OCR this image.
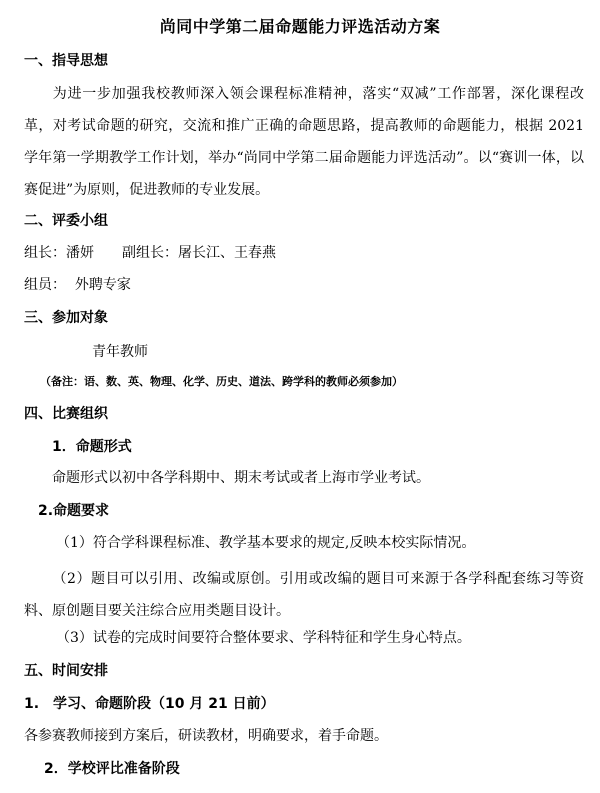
尚同中学第二届命题能力评选活动方案
一、指导思想
为进一步加强我校教师深入领会课程标准精神，落实“双减”工作部署，深化课程改革，对考试命题的研究，交流和推广正确的命题思路，提高教师的命题能力，根据 2021 学年第一学期教学工作计划，举办“尚同中学第二届命题能力评选活动”。以“赛训一体，以赛促进”为原则，促进教师的专业发展。
二、评委小组
组长：潘妍 副组长：屠长江、王春燕
组员： 外聘专家
三、参加对象
青年教师
（备注：语、数、英、物理、化学、历史、道法、跨学科的教师必须参加）
四、比赛组织
1．命题形式
命题形式以初中各学科期中、期末考试或者上海市学业考试。
2.命题要求
（1）符合学科课程标准、教学基本要求的规定,反映本校实际情况。
（2）题目可以引用、改编或原创。引用或改编的题目可来源于各学科配套练习等资料、原创题目要关注综合应用类题目设计。
（3）试卷的完成时间要符合整体要求、学科特征和学生身心特点。
五、时间安排
1.　学习、命题阶段（10 月 21 日前）
各参赛教师接到方案后，研读教材，明确要求，着手命题。
2．学校评比准备阶段
